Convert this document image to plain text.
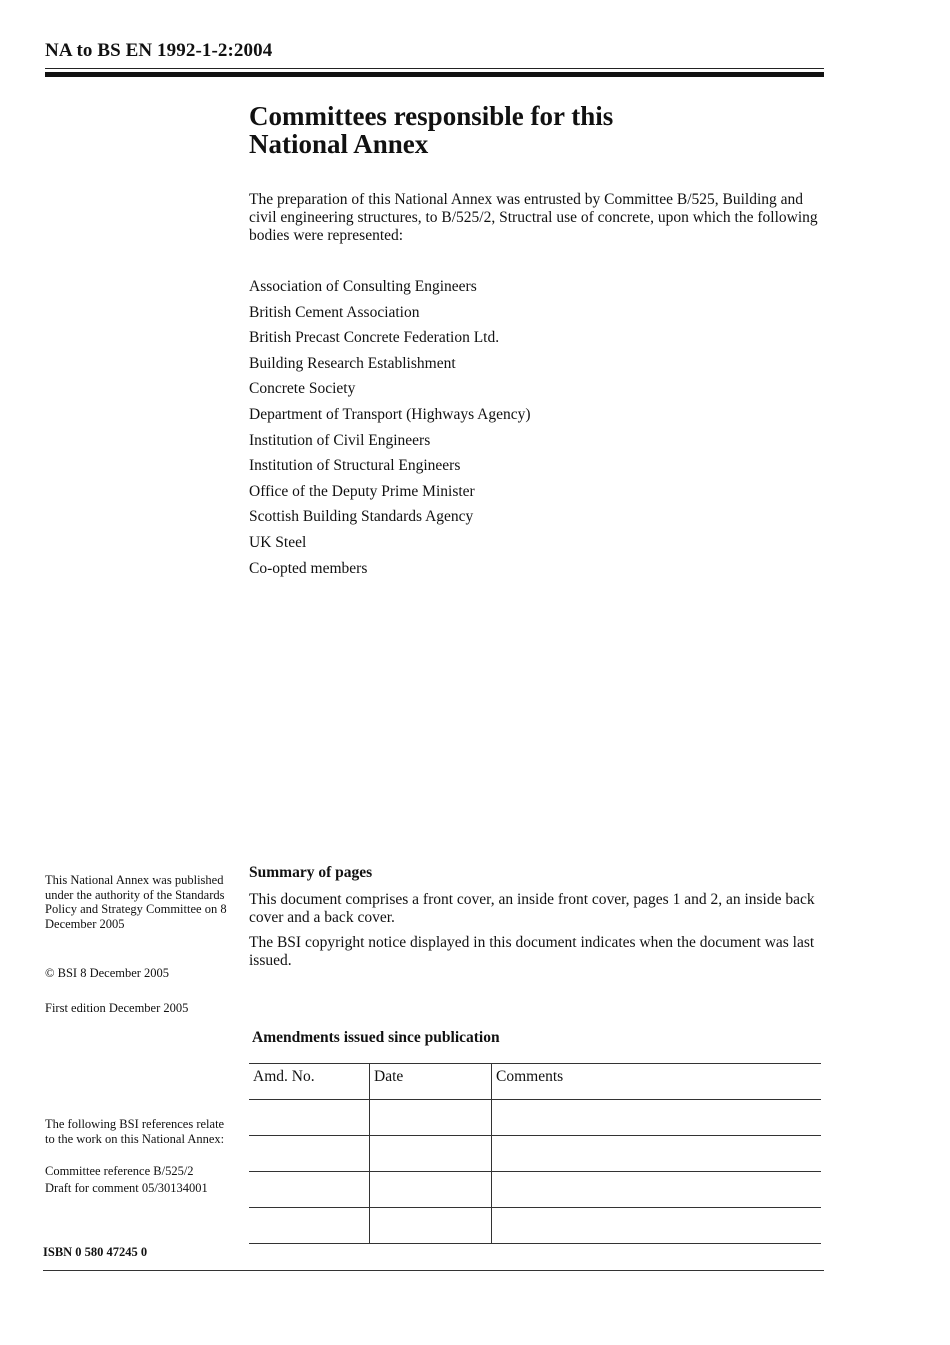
NA to BS EN 1992-1-2:2004
Committees responsible for this
National Annex
The preparation of this National Annex was entrusted by Committee B/525, Building and civil engineering structures, to B/525/2, Structral use of concrete, upon which the following bodies were represented:
Association of Consulting Engineers
British Cement Association
British Precast Concrete Federation Ltd.
Building Research Establishment
Concrete Society
Department of Transport (Highways Agency)
Institution of Civil Engineers
Institution of Structural Engineers
Office of the Deputy Prime Minister
Scottish Building Standards Agency
UK Steel
Co-opted members
Summary of pages
This document comprises a front cover, an inside front cover, pages 1 and 2, an inside back cover and a back cover.
The BSI copyright notice displayed in this document indicates when the document was last issued.
This National Annex was published under the authority of the Standards Policy and Strategy Committee on 8 December 2005
© BSI 8 December 2005
First edition December 2005
The following BSI references relate to the work on this National Annex:
Committee reference B/525/2
Draft for comment 05/30134001
Amendments issued since publication
Amd. No.	Date	Comments

ISBN 0 580 47245 0
